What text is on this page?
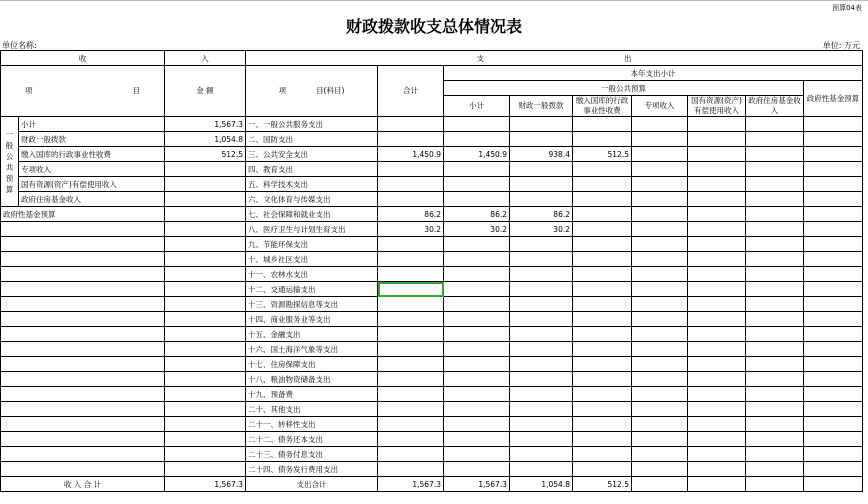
预算04表
财政拨款收支总体情况表
单位名称:	单位: 万元
收		入	支 出								
项 目		金 额	项 目(科目)	合计	本年支出小计						
					一般公共预算						政府性基金预算
					小计	财政一般拨款	缴入国库的行政事业性收费	专项收入	国有资源(资产)有偿使用收入	政府住房基金收入	

一般公共预算	小计	1,567.3	一、一般公共服务支出								
	财政一般拨款	1,054.8	二、国防支出								
	缴入国库的行政事业性收费	512.5	三、公共安全支出	1,450.9	1,450.9	938.4	512.5				
	专项收入		四、教育支出								
	国有资源(资产)有偿使用收入		五、科学技术支出								
	政府住房基金收入		六、文化体育与传媒支出								
政府性基金预算			七、社会保障和就业支出	86.2	86.2	86.2					
			八、医疗卫生与计划生育支出	30.2	30.2	30.2					
			九、节能环保支出								
			十、城乡社区支出								
			十一、农林水支出								
			十二、交通运输支出								
			十三、资源勘探信息等支出								
			十四、商业服务业等支出								
			十五、金融支出								
			十六、国土海洋气象等支出								
			十七、住房保障支出								
			十八、粮油物资储备支出								
			十九、预备费								
			二十、其他支出								
			二十一、转移性支出								
			二十二、债务还本支出								
			二十三、债务付息支出								
			二十四、债务发行费用支出								
收 入 合 计		1,567.3	支出合计	1,567.3	1,567.3	1,054.8	512.5				
